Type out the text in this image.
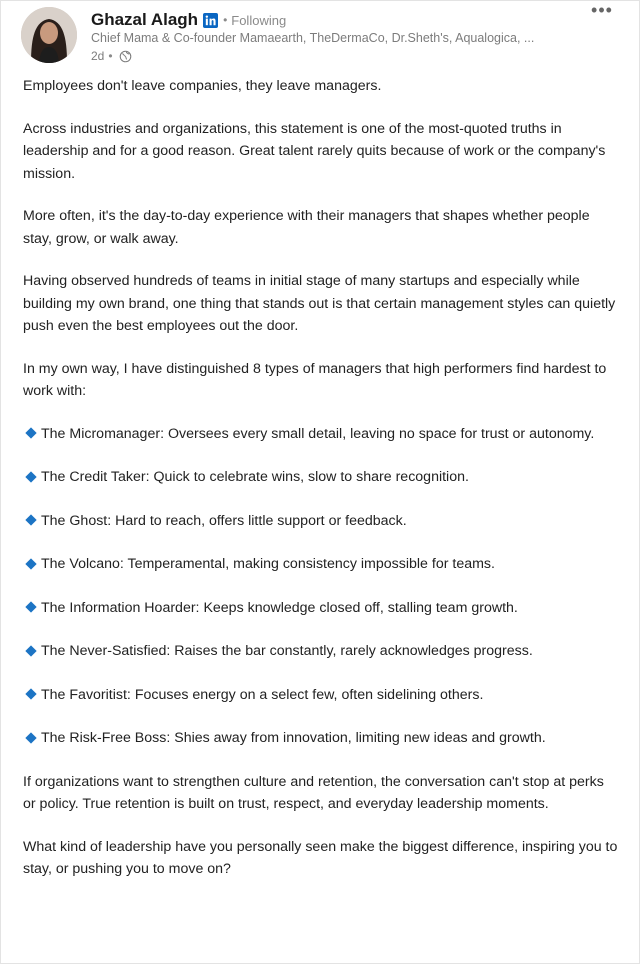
Ghazal Alagh • Following
Chief Mama & Co-founder Mamaearth, TheDermaCo, Dr.Sheth's, Aqualogica, ...
2d •
•••

Employees don't leave companies, they leave managers.

Across industries and organizations, this statement is one of the most-quoted truths in leadership and for a good reason. Great talent rarely quits because of work or the company's mission.

More often, it's the day-to-day experience with their managers that shapes whether people stay, grow, or walk away.

Having observed hundreds of teams in initial stage of many startups and especially while building my own brand, one thing that stands out is that certain management styles can quietly push even the best employees out the door.

In my own way, I have distinguished 8 types of managers that high performers find hardest to work with:

The Micromanager: Oversees every small detail, leaving no space for trust or autonomy.
The Credit Taker: Quick to celebrate wins, slow to share recognition.
The Ghost: Hard to reach, offers little support or feedback.
The Volcano: Temperamental, making consistency impossible for teams.
The Information Hoarder: Keeps knowledge closed off, stalling team growth.
The Never-Satisfied: Raises the bar constantly, rarely acknowledges progress.
The Favoritist: Focuses energy on a select few, often sidelining others.
The Risk-Free Boss: Shies away from innovation, limiting new ideas and growth.

If organizations want to strengthen culture and retention, the conversation can't stop at perks or policy. True retention is built on trust, respect, and everyday leadership moments.

What kind of leadership have you personally seen make the biggest difference, inspiring you to stay, or pushing you to move on?
